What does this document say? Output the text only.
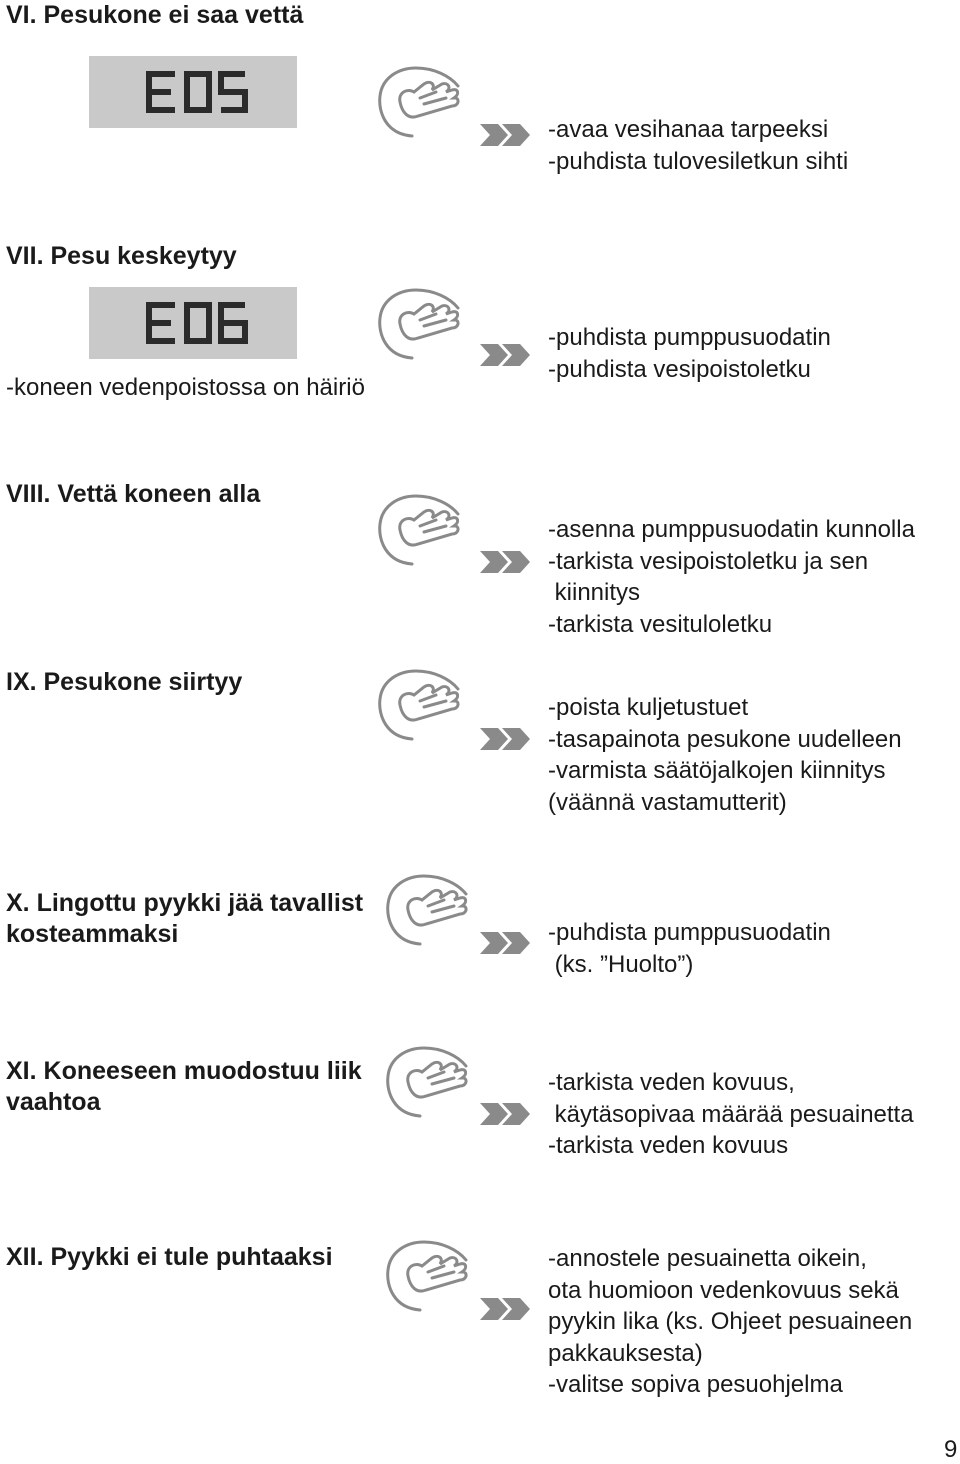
VI. Pesukone ei saa vettä
-avaa vesihanaa tarpeeksi
-puhdista tulovesiletkun sihti
VII. Pesu keskeytyy
-koneen vedenpoistossa on häiriö
-puhdista pumppusuodatin
-puhdista vesipoistoletku
VIII. Vettä koneen alla
-asenna pumppusuodatin kunnolla
-tarkista vesipoistoletku ja sen
kiinnitys
-tarkista vesituloletku
IX. Pesukone siirtyy
-poista kuljetustuet
-tasapainota pesukone uudelleen
-varmista säätöjalkojen kiinnitys
(väännä vastamutterit)
X. Lingottu pyykki jää tavallist
kosteammaksi	-puhdista pumppusuodatin
(ks. ”Huolto”)
XI. Koneeseen muodostuu liik
vaahtoa
-tarkista veden kovuus,
käytäsopivaa määrää pesuainetta
-tarkista veden kovuus
XII. Pyykki ei tule puhtaaksi	-annostele pesuainetta oikein,
ota huomioon vedenkovuus sekä
pyykin lika (ks. Ohjeet pesuaineen
pakkauksesta)
-valitse sopiva pesuohjelma
9
